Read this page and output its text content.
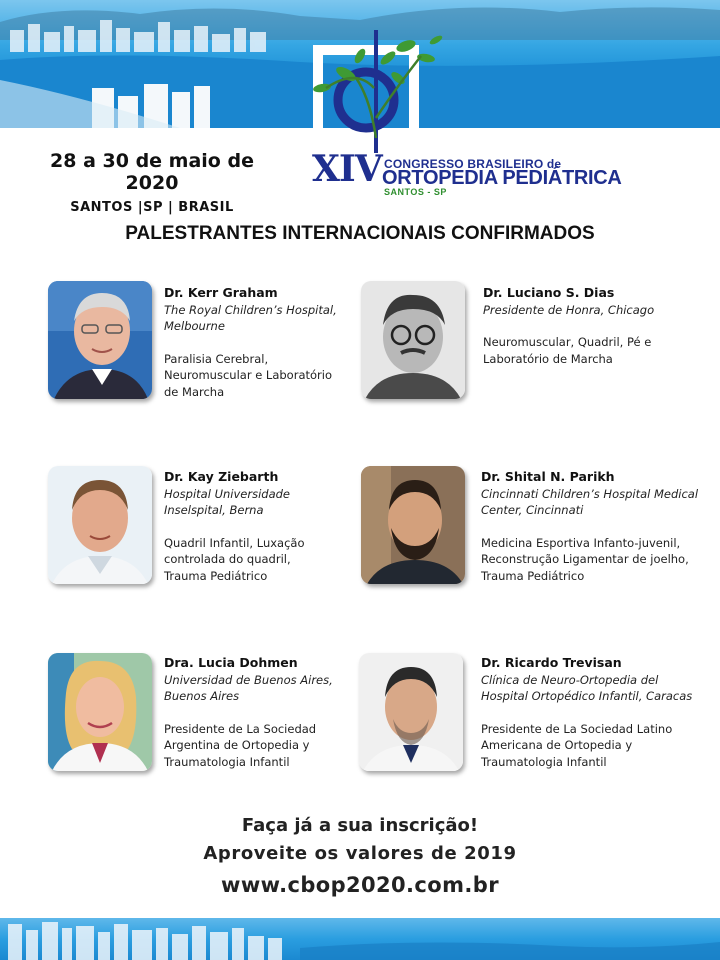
XIV CONGRESSO BRASILEIRO de
ORTOPEDIA PEDIÁTRICA
SANTOS - SP
28 a 30 de maio de 2020
SANTOS |SP | BRASIL
PALESTRANTES INTERNACIONAIS CONFIRMADOS
Dr. Kerr Graham
The Royal Children’s Hospital,
Melbourne
Paralisia Cerebral,
Neuromuscular e Laboratório
de Marcha
Dr. Luciano S. Dias
Presidente de Honra, Chicago
Neuromuscular, Quadril, Pé e
Laboratório de Marcha
Dr. Kay Ziebarth
Hospital Universidade
Inselspital, Berna
Quadril Infantil, Luxação
controlada do quadril,
Trauma Pediátrico
Dr. Shital N. Parikh
Cincinnati Children’s Hospital Medical
Center, Cincinnati
Medicina Esportiva Infanto-juvenil,
Reconstrução Ligamentar de joelho,
Trauma Pediátrico
Dra. Lucia Dohmen
Universidad de Buenos Aires,
Buenos Aires
Presidente de La Sociedad
Argentina de Ortopedia y
Traumatologia Infantil
Dr. Ricardo Trevisan
Clínica de Neuro-Ortopedia del
Hospital Ortopédico Infantil, Caracas
Presidente de La Sociedad Latino
Americana de Ortopedia y
Traumatologia Infantil
Faça já a sua inscrição!
Aproveite os valores de 2019
www.cbop2020.com.br
